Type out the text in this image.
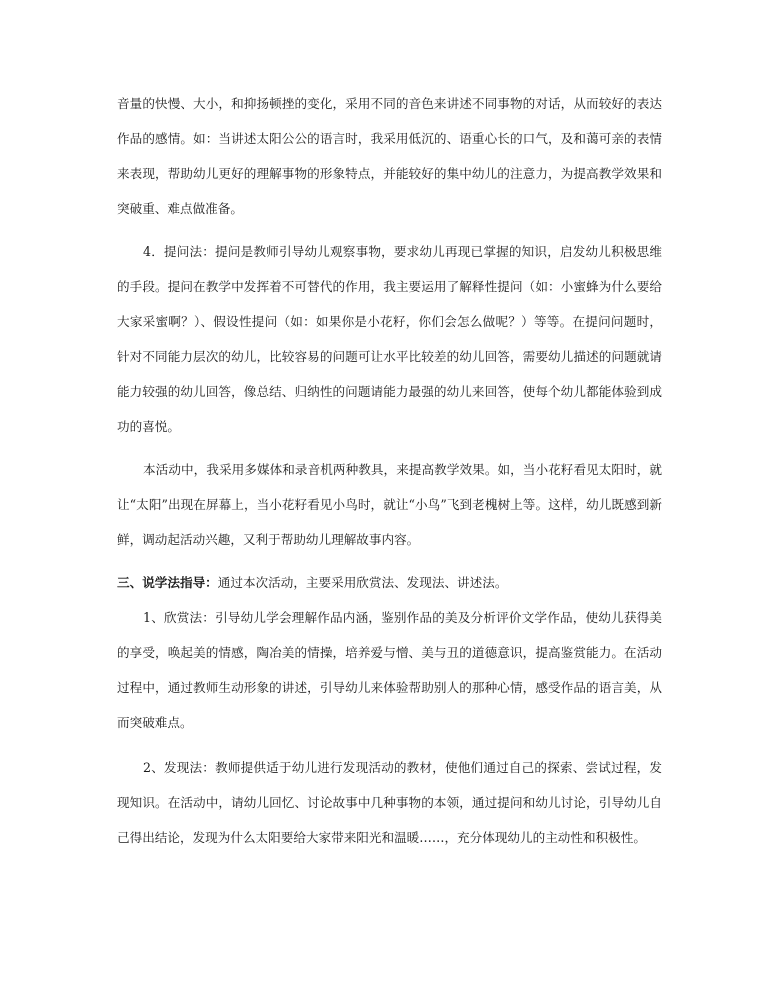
音量的快慢、大小，和抑扬顿挫的变化，采用不同的音色来讲述不同事物的对话，从而较好的表达作品的感情。如：当讲述太阳公公的语言时，我采用低沉的、语重心长的口气，及和蔼可亲的表情来表现，帮助幼儿更好的理解事物的形象特点，并能较好的集中幼儿的注意力，为提高教学效果和突破重、难点做准备。

4．提问法：提问是教师引导幼儿观察事物，要求幼儿再现已掌握的知识，启发幼儿积极思维的手段。提问在教学中发挥着不可替代的作用，我主要运用了解释性提问（如：小蜜蜂为什么要给大家采蜜啊？）、假设性提问（如：如果你是小花籽，你们会怎么做呢？）等等。在提问问题时，针对不同能力层次的幼儿，比较容易的问题可让水平比较差的幼儿回答，需要幼儿描述的问题就请能力较强的幼儿回答，像总结、归纳性的问题请能力最强的幼儿来回答，使每个幼儿都能体验到成功的喜悦。

本活动中，我采用多媒体和录音机两种教具，来提高教学效果。如，当小花籽看见太阳时，就让“太阳”出现在屏幕上，当小花籽看见小鸟时，就让“小鸟”飞到老槐树上等。这样，幼儿既感到新鲜，调动起活动兴趣，又利于帮助幼儿理解故事内容。

三、说学法指导：通过本次活动，主要采用欣赏法、发现法、讲述法。

1、欣赏法：引导幼儿学会理解作品内涵，鉴别作品的美及分析评价文学作品，使幼儿获得美的享受，唤起美的情感，陶冶美的情操，培养爱与憎、美与丑的道德意识，提高鉴赏能力。在活动过程中，通过教师生动形象的讲述，引导幼儿来体验帮助别人的那种心情，感受作品的语言美，从而突破难点。

2、发现法：教师提供适于幼儿进行发现活动的教材，使他们通过自己的探索、尝试过程，发现知识。在活动中，请幼儿回忆、讨论故事中几种事物的本领，通过提问和幼儿讨论，引导幼儿自己得出结论，发现为什么太阳要给大家带来阳光和温暖……，充分体现幼儿的主动性和积极性。
